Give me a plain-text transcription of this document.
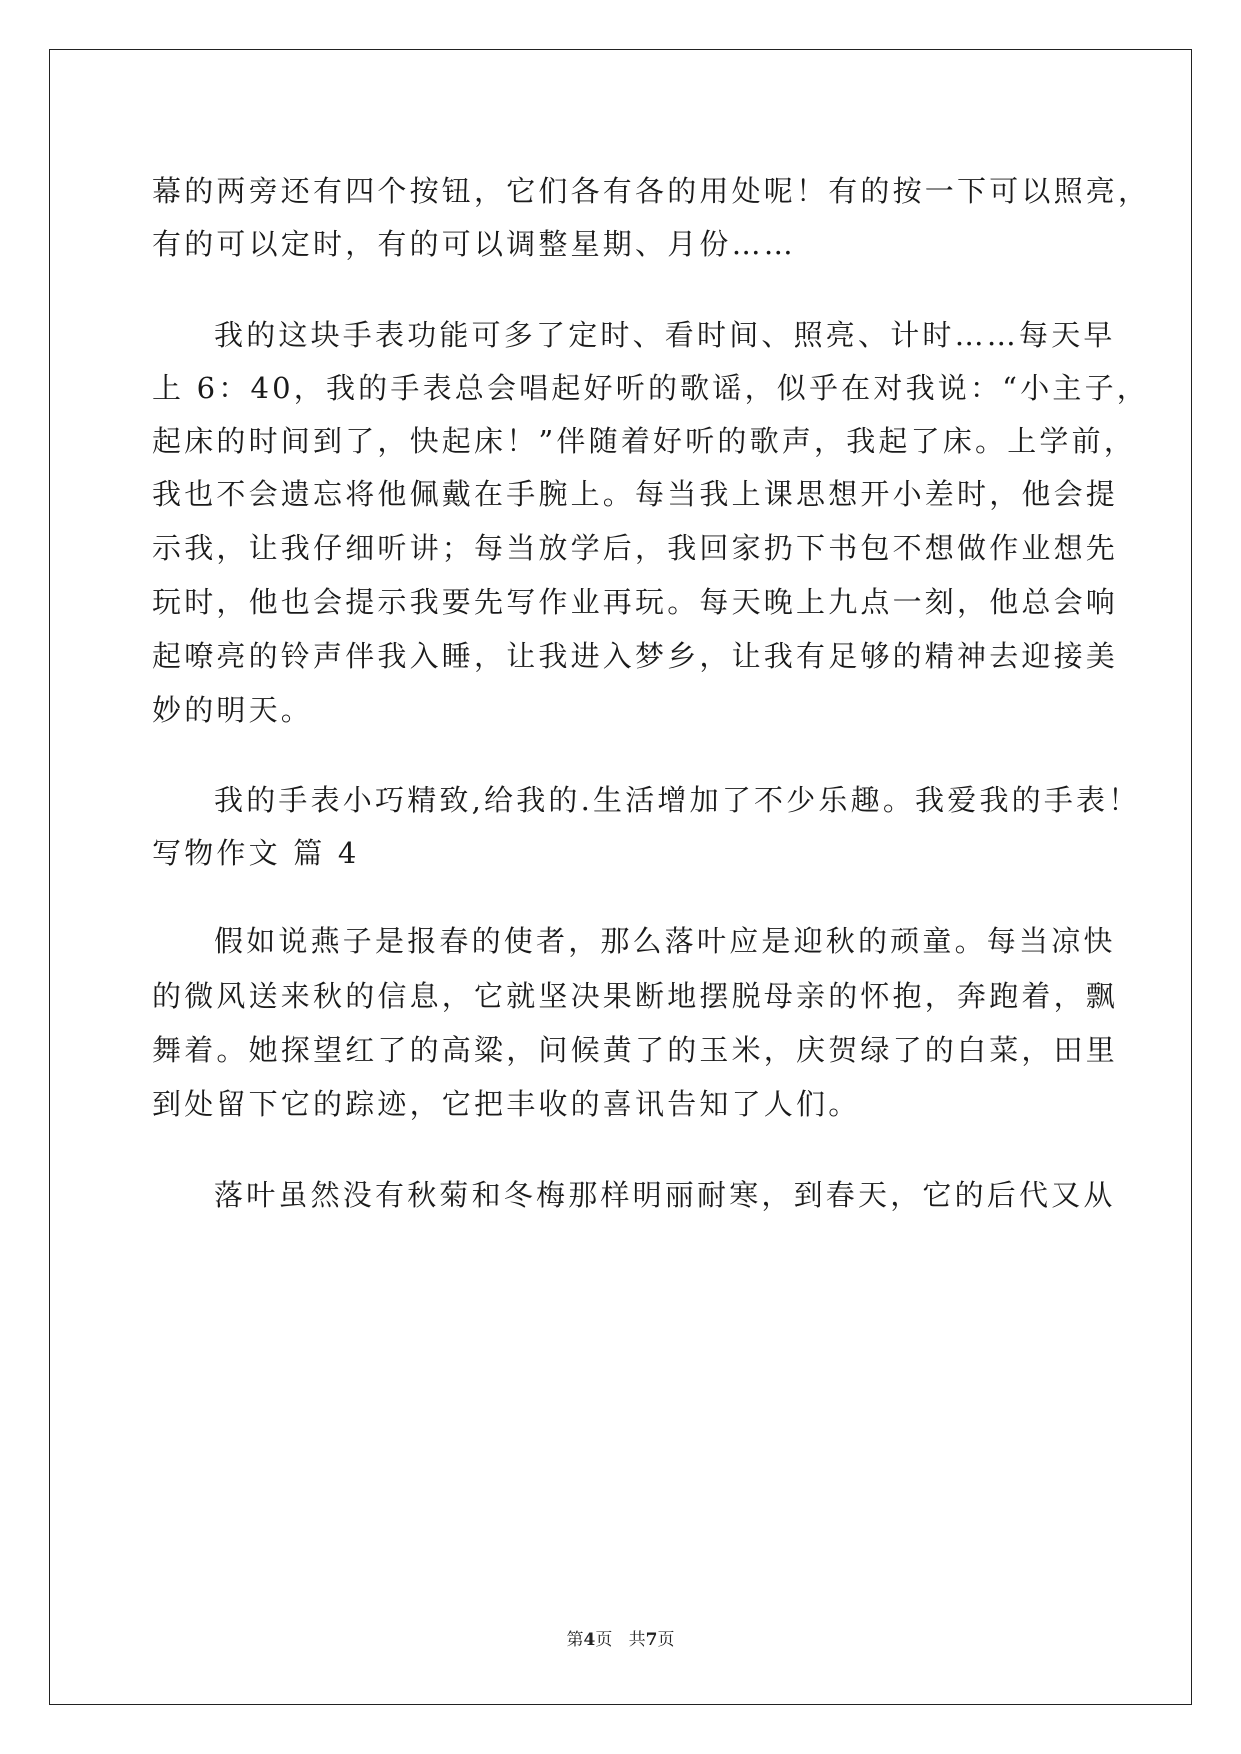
幕的两旁还有四个按钮，它们各有各的用处呢！有的按一下可以照亮，
有的可以定时，有的可以调整星期、月份……
我的这块手表功能可多了定时、看时间、照亮、计时……每天早
上 6：40，我的手表总会唱起好听的歌谣，似乎在对我说：“小主子，
起床的时间到了，快起床！”伴随着好听的歌声，我起了床。上学前，
我也不会遗忘将他佩戴在手腕上。每当我上课思想开小差时，他会提
示我，让我仔细听讲；每当放学后，我回家扔下书包不想做作业想先
玩时，他也会提示我要先写作业再玩。每天晚上九点一刻，他总会响
起嘹亮的铃声伴我入睡，让我进入梦乡，让我有足够的精神去迎接美
妙的明天。
我的手表小巧精致,给我的.生活增加了不少乐趣。我爱我的手表！
写物作文 篇 4
假如说燕子是报春的使者，那么落叶应是迎秋的顽童。每当凉快
的微风送来秋的信息，它就坚决果断地摆脱母亲的怀抱，奔跑着，飘
舞着。她探望红了的高粱，问候黄了的玉米，庆贺绿了的白菜，田里
到处留下它的踪迹，它把丰收的喜讯告知了人们。
落叶虽然没有秋菊和冬梅那样明丽耐寒，到春天，它的后代又从
第4页 共7页
